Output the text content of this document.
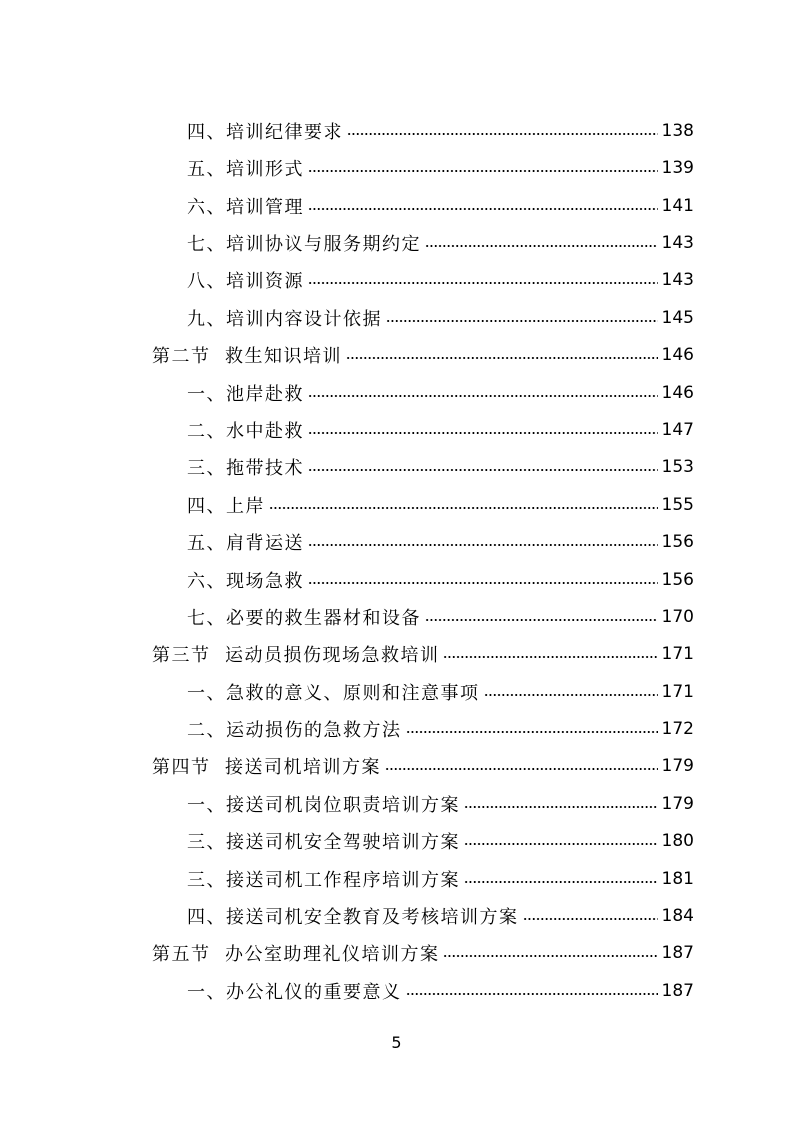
四、培训纪律要求	138
五、培训形式	139
六、培训管理	141
七、培训协议与服务期约定	143
八、培训资源	143
九、培训内容设计依据	145
第二节  救生知识培训	146
一、池岸赴救	146
二、水中赴救	147
三、拖带技术	153
四、上岸	155
五、肩背运送	156
六、现场急救	156
七、必要的救生器材和设备	170
第三节  运动员损伤现场急救培训	171
一、急救的意义、原则和注意事项	171
二、运动损伤的急救方法	172
第四节  接送司机培训方案	179
一、接送司机岗位职责培训方案	179
三、接送司机安全驾驶培训方案	180
三、接送司机工作程序培训方案	181
四、接送司机安全教育及考核培训方案	184
第五节  办公室助理礼仪培训方案	187
一、办公礼仪的重要意义	187
5
